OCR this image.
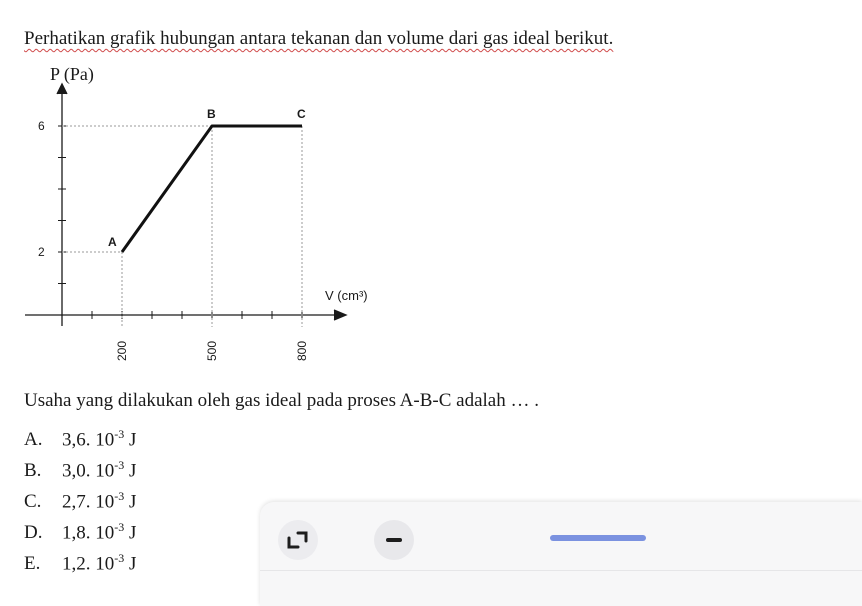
Perhatikan grafik hubungan antara tekanan dan volume dari gas ideal berikut.

2
6
200	500	800
A
B	C
P (Pa)
V (cm³)

Usaha yang dilakukan oleh gas ideal pada proses A-B-C adalah … .

A. 3,6. $10^{-3}$ J
B. 3,0. $10^{-3}$ J
C. 2,7. $10^{-3}$ J
D. 1,8. $10^{-3}$ J
E. 1,2. $10^{-3}$ J
